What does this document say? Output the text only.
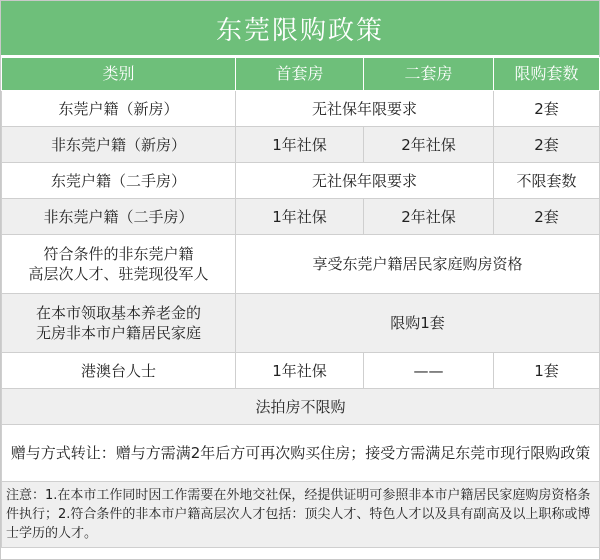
东莞限购政策
类别	首套房	二套房	限购套数
东莞户籍（新房）	无社保年限要求		2套
非东莞户籍（新房）	1年社保	2年社保	2套
东莞户籍（二手房）	无社保年限要求		不限套数
非东莞户籍（二手房）	1年社保	2年社保	2套

符合条件的非东莞户籍
高层次人才、驻莞现役军人	享受东莞户籍居民家庭购房资格		

在本市领取基本养老金的
无房非本市户籍居民家庭	限购1套		
港澳台人士	1年社保	——	1套
法拍房不限购			
赠与方式转让：赠与方需满2年后方可再次购买住房；接受方需满足东莞市现行限购政策			
注意：1.在本市工作同时因工作需要在外地交社保，经提供证明可参照非本市户籍居民家庭购房资格条件执行；2.符合条件的非本市户籍高层次人才包括：顶尖人才、特色人才以及具有副高及以上职称或博士学历的人才。			
